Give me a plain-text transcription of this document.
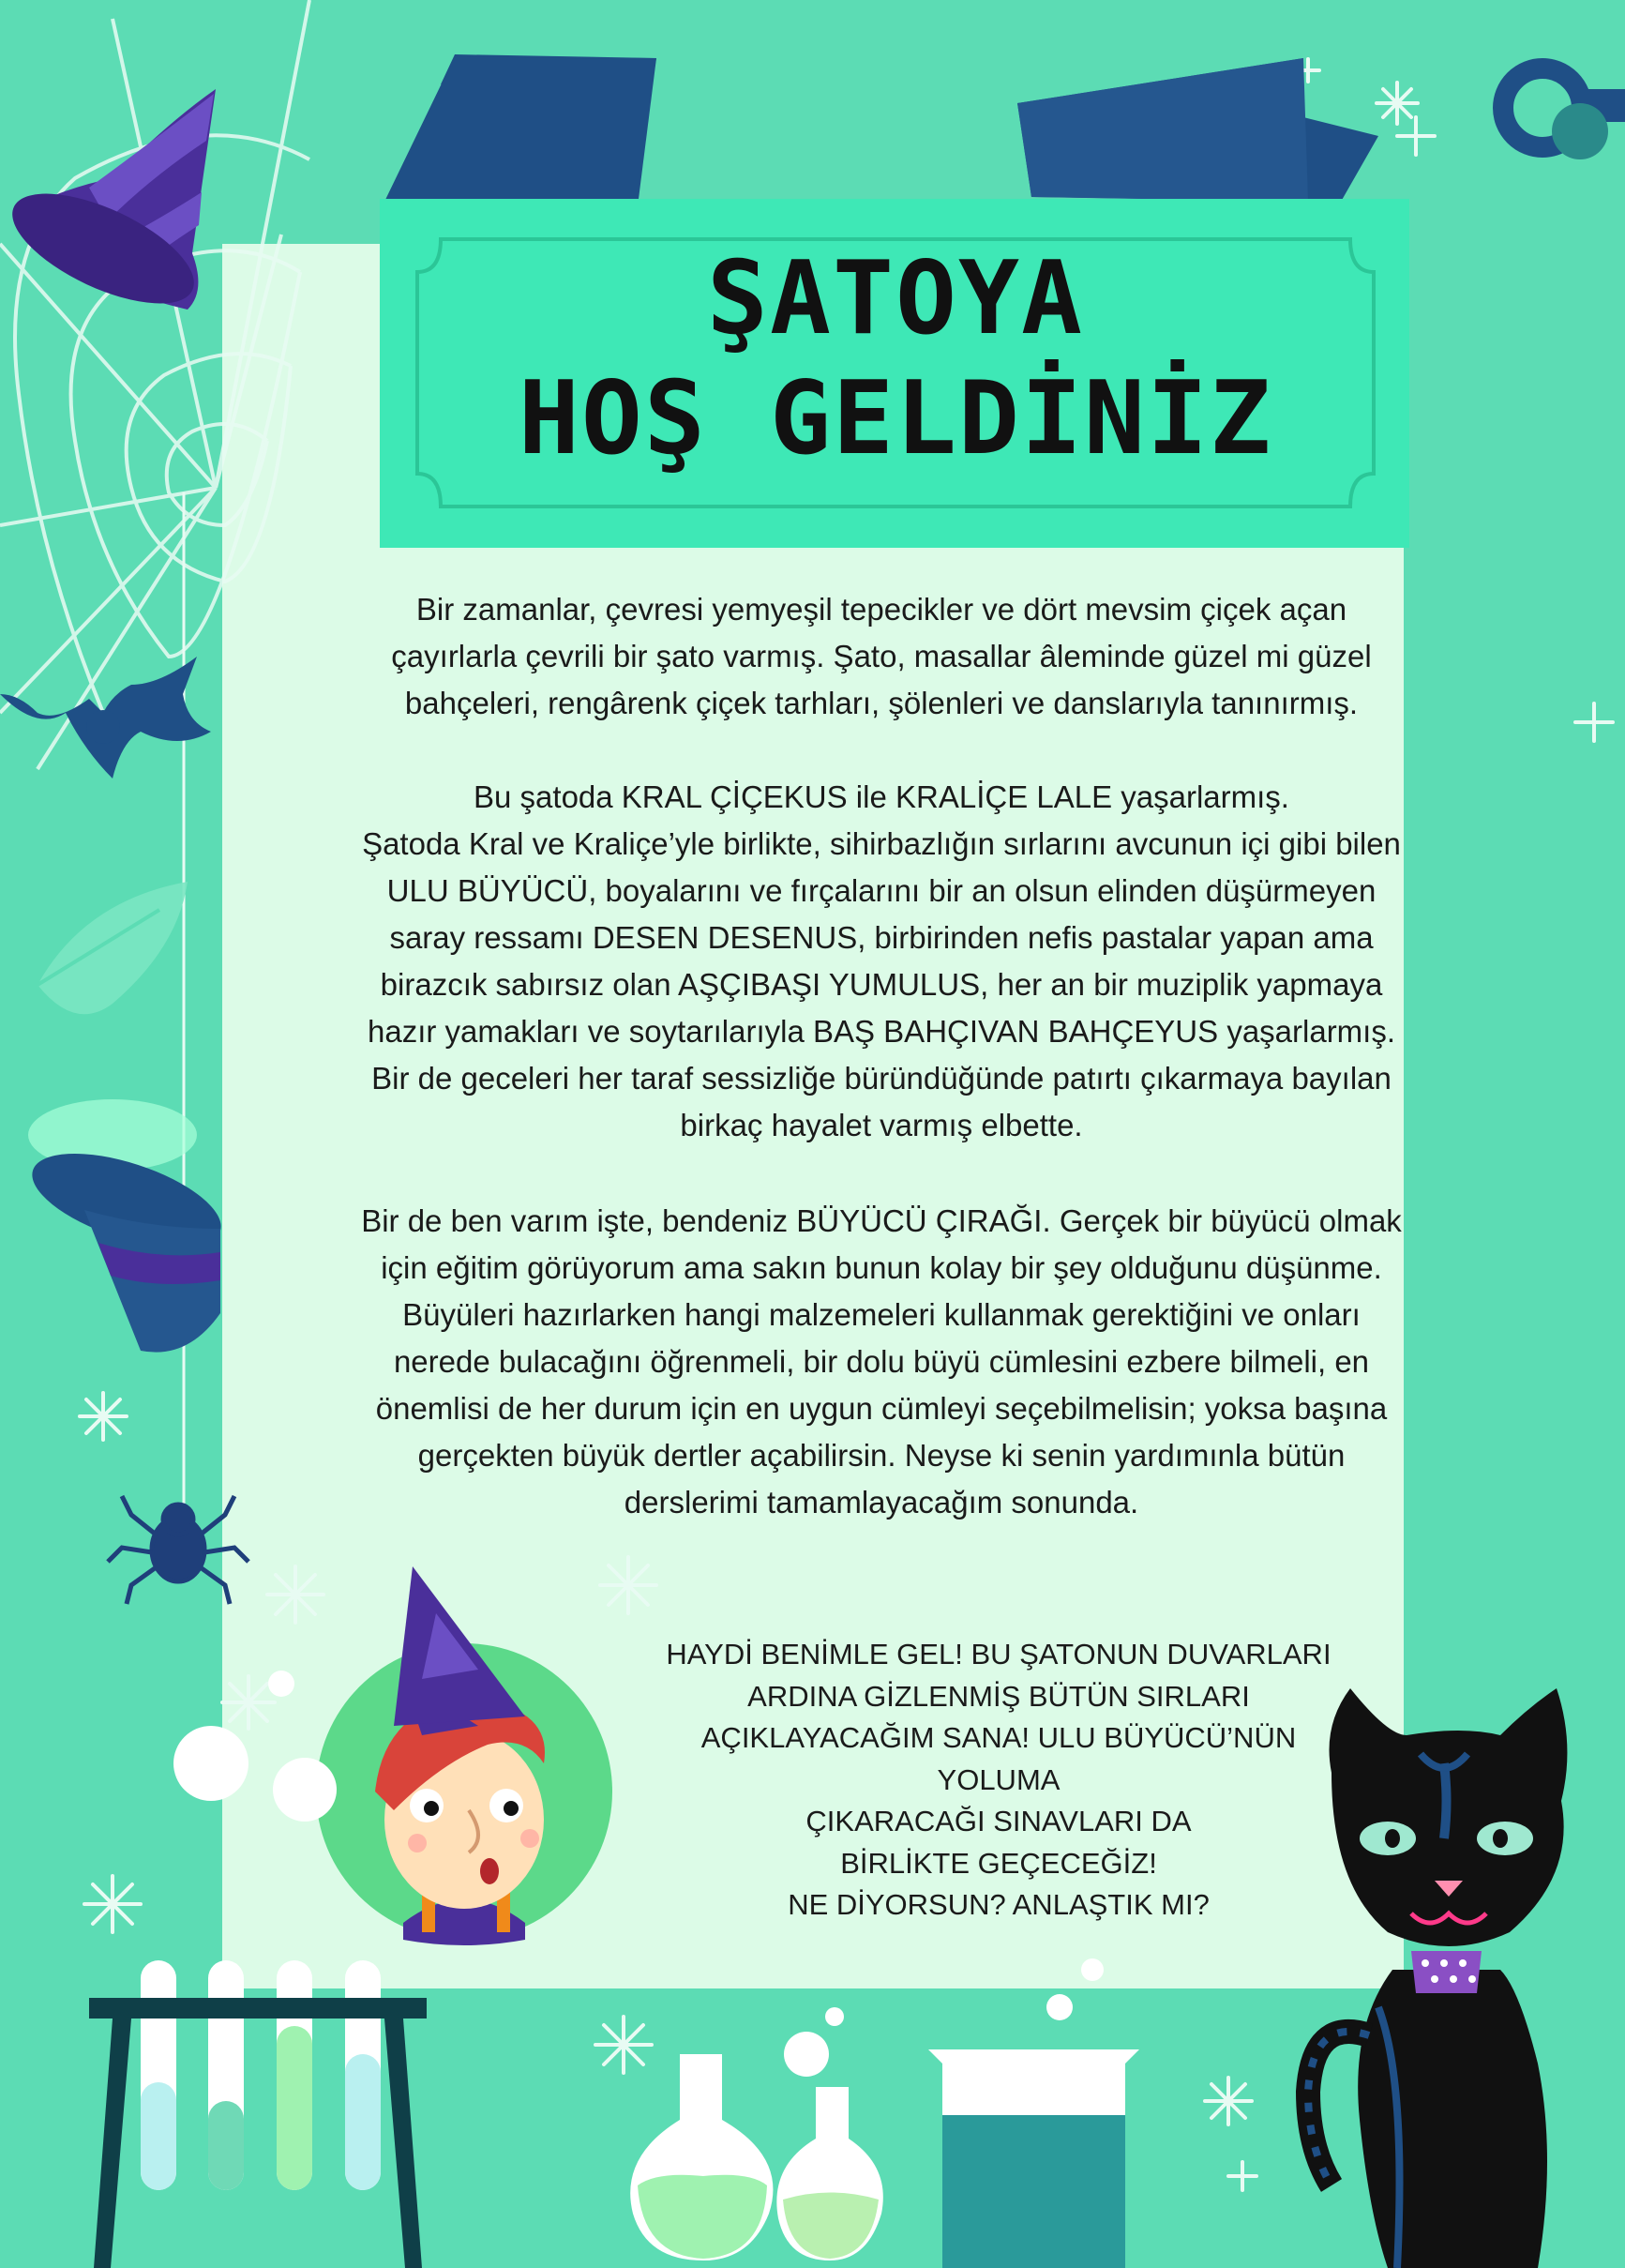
ŞATOYA
HOŞ GELDİNİZ
Bir zamanlar, çevresi yemyeşil tepecikler ve dört mevsim çiçek açan
çayırlarla çevrili bir şato varmış. Şato, masallar âleminde güzel mi güzel
bahçeleri, rengârenk çiçek tarhları, şölenleri ve danslarıyla tanınırmış.
Bu şatoda KRAL ÇİÇEKUS ile KRALİÇE LALE yaşarlarmış.
Şatoda Kral ve Kraliçe’yle birlikte, sihirbazlığın sırlarını avcunun içi gibi bilen
ULU BÜYÜCÜ, boyalarını ve fırçalarını bir an olsun elinden düşürmeyen
saray ressamı DESEN DESENUS, birbirinden nefis pastalar yapan ama
birazcık sabırsız olan AŞÇIBAŞI YUMULUS, her an bir muziplik yapmaya
hazır yamakları ve soytarılarıyla BAŞ BAHÇIVAN BAHÇEYUS yaşarlarmış.
Bir de geceleri her taraf sessizliğe büründüğünde patırtı çıkarmaya bayılan
birkaç hayalet varmış elbette.
Bir de ben varım işte, bendeniz BÜYÜCÜ ÇIRAĞI. Gerçek bir büyücü olmak
için eğitim görüyorum ama sakın bunun kolay bir şey olduğunu düşünme.
Büyüleri hazırlarken hangi malzemeleri kullanmak gerektiğini ve onları
nerede bulacağını öğrenmeli, bir dolu büyü cümlesini ezbere bilmeli, en
önemlisi de her durum için en uygun cümleyi seçebilmelisin; yoksa başına
gerçekten büyük dertler açabilirsin. Neyse ki senin yardımınla bütün
derslerimi tamamlayacağım sonunda.
HAYDİ BENİMLE GEL! BU ŞATONUN DUVARLARI
ARDINA GİZLENMİŞ BÜTÜN SIRLARI
AÇIKLAYACAĞIM SANA! ULU BÜYÜCÜ’NÜN
YOLUMA
ÇIKARACAĞI SINAVLARI DA
BİRLİKTE GEÇECEĞİZ!
NE DİYORSUN? ANLAŞTIK MI?
